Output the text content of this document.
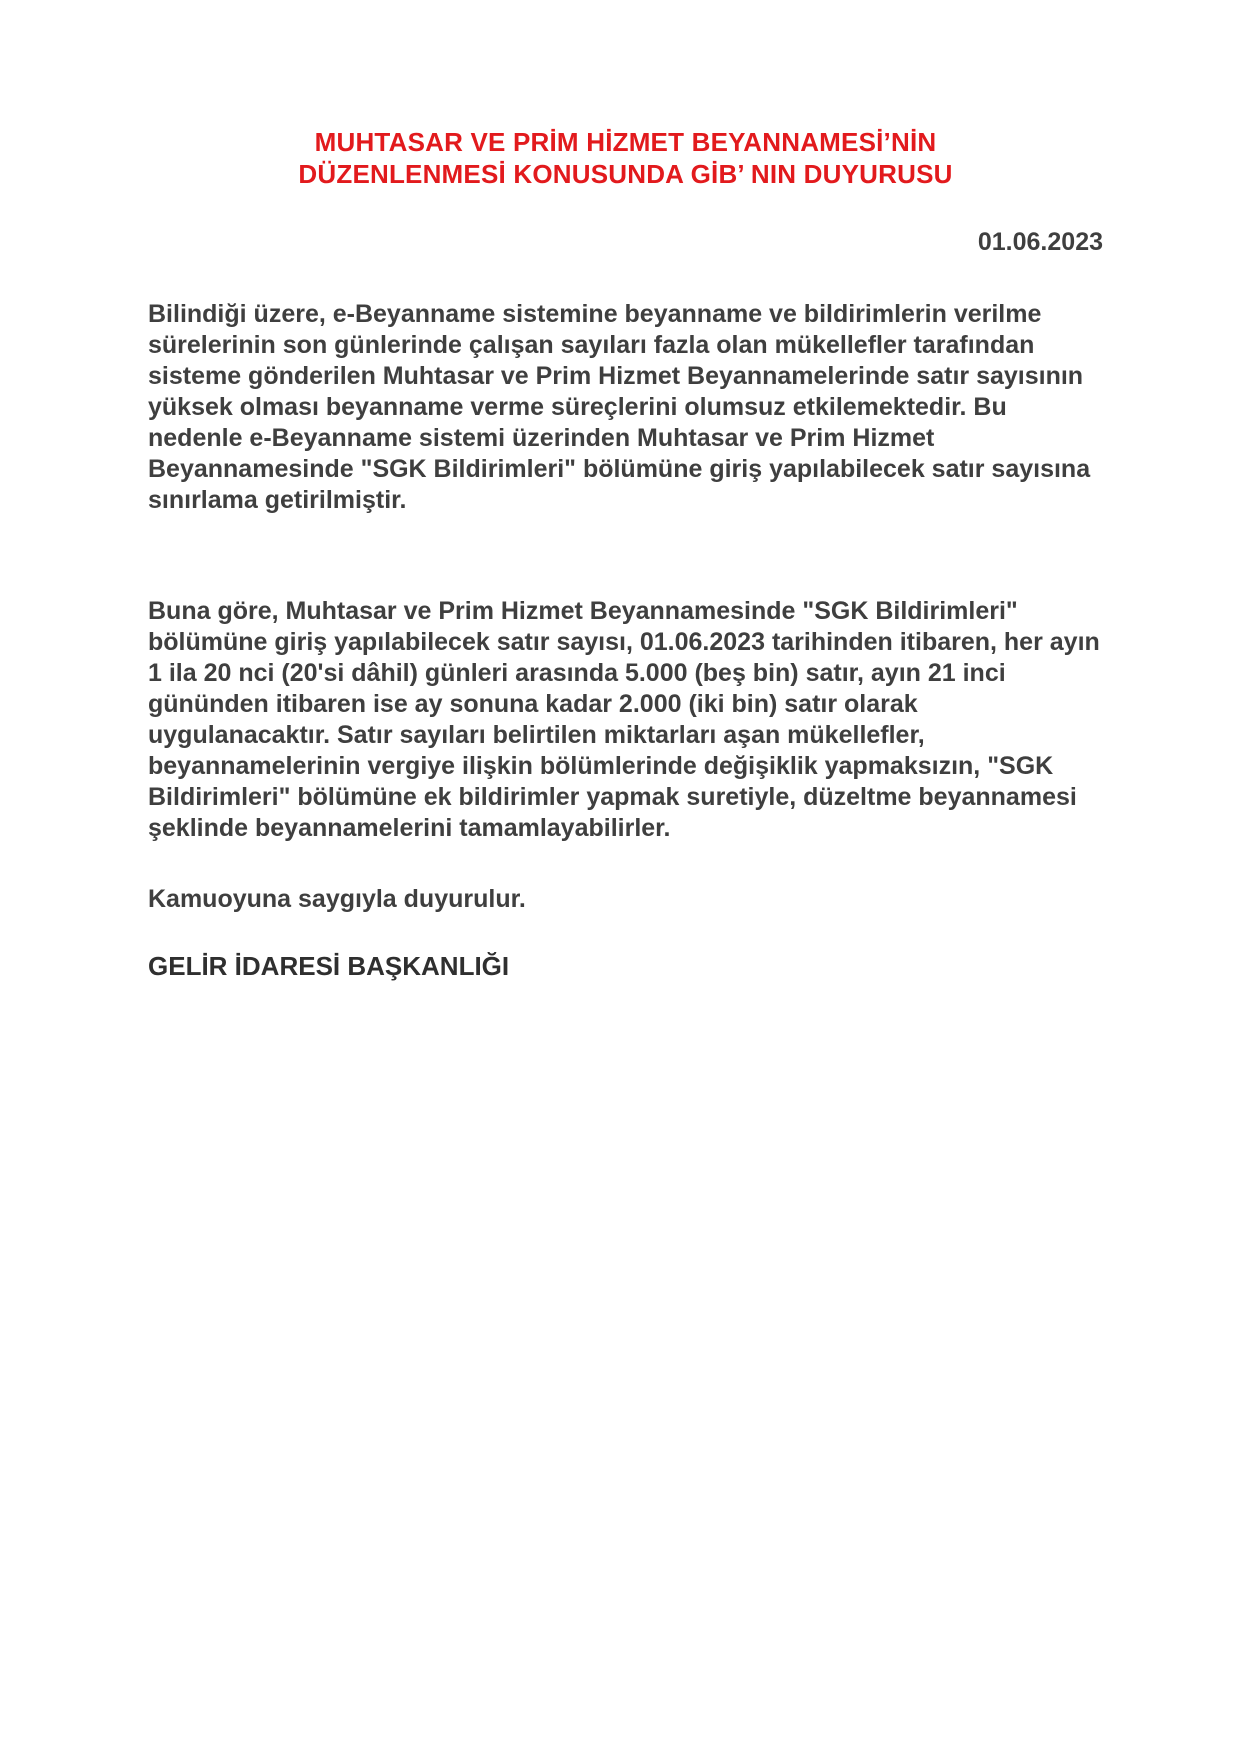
MUHTASAR VE PRİM HİZMET BEYANNAMESİ’NİN
DÜZENLENMESİ KONUSUNDA GİB’ NIN DUYURUSU
01.06.2023

Bilindiği üzere, e-Beyanname sistemine beyanname ve bildirimlerin verilme sürelerinin son günlerinde çalışan sayıları fazla olan mükellefler tarafından sisteme gönderilen Muhtasar ve Prim Hizmet Beyannamelerinde satır sayısının yüksek olması beyanname verme süreçlerini olumsuz etkilemektedir. Bu nedenle e-Beyanname sistemi üzerinden Muhtasar ve Prim Hizmet Beyannamesinde "SGK Bildirimleri" bölümüne giriş yapılabilecek satır sayısına sınırlama getirilmiştir.

Buna göre, Muhtasar ve Prim Hizmet Beyannamesinde "SGK Bildirimleri" bölümüne giriş yapılabilecek satır sayısı, 01.06.2023 tarihinden itibaren, her ayın 1 ila 20 nci (20'si dâhil) günleri arasında 5.000 (beş bin) satır, ayın 21 inci gününden itibaren ise ay sonuna kadar 2.000 (iki bin) satır olarak uygulanacaktır. Satır sayıları belirtilen miktarları aşan mükellefler, beyannamelerinin vergiye ilişkin bölümlerinde değişiklik yapmaksızın, "SGK Bildirimleri" bölümüne ek bildirimler yapmak suretiyle, düzeltme beyannamesi şeklinde beyannamelerini tamamlayabilirler.

Kamuoyuna saygıyla duyurulur.

GELİR İDARESİ BAŞKANLIĞI
